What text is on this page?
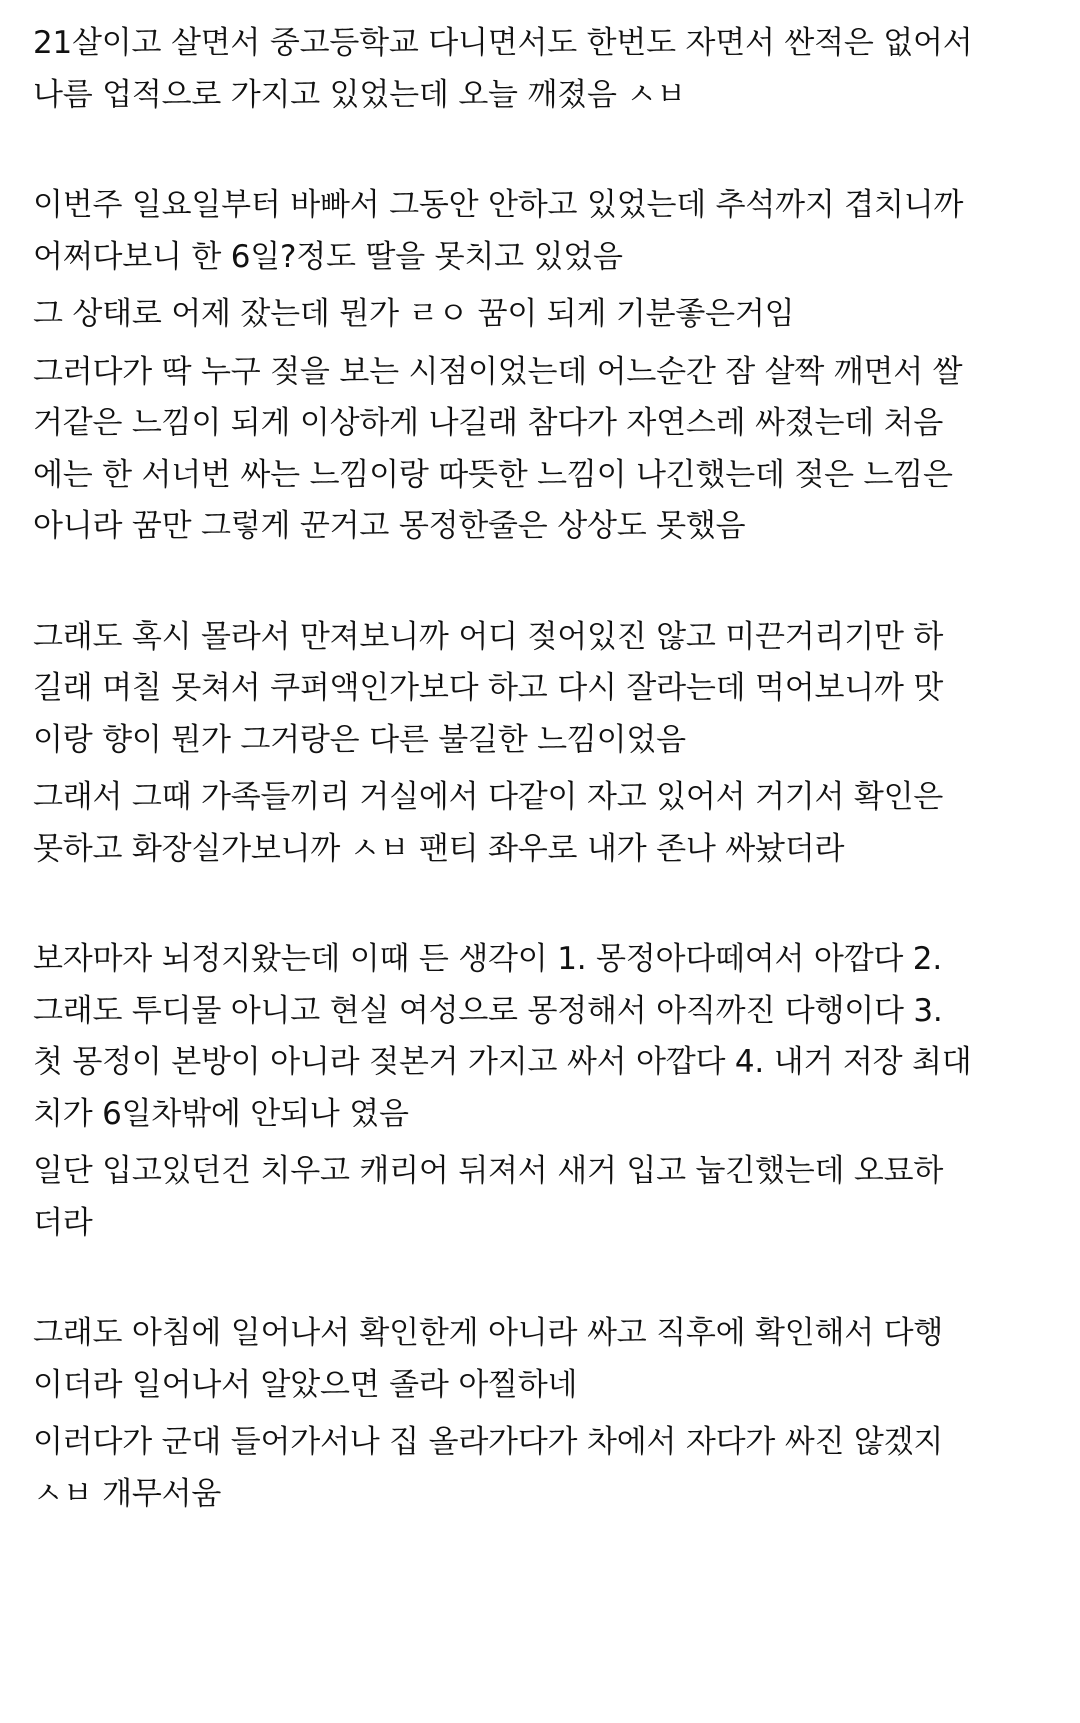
21살이고 살면서 중고등학교 다니면서도 한번도 자면서 싼적은 없어서
나름 업적으로 가지고 있었는데 오늘 깨졌음 ㅅㅂ
이번주 일요일부터 바빠서 그동안 안하고 있었는데 추석까지 겹치니까
어쩌다보니 한 6일?정도 딸을 못치고 있었음
그 상태로 어제 잤는데 뭔가 ㄹㅇ 꿈이 되게 기분좋은거임
그러다가 딱 누구 젖을 보는 시점이었는데 어느순간 잠 살짝 깨면서 쌀
거같은 느낌이 되게 이상하게 나길래 참다가 자연스레 싸졌는데 처음
에는 한 서너번 싸는 느낌이랑 따뜻한 느낌이 나긴했는데 젖은 느낌은
아니라 꿈만 그렇게 꾼거고 몽정한줄은 상상도 못했음
그래도 혹시 몰라서 만져보니까 어디 젖어있진 않고 미끈거리기만 하
길래 며칠 못쳐서 쿠퍼액인가보다 하고 다시 잘라는데 먹어보니까 맛
이랑 향이 뭔가 그거랑은 다른 불길한 느낌이었음
그래서 그때 가족들끼리 거실에서 다같이 자고 있어서 거기서 확인은
못하고 화장실가보니까 ㅅㅂ 팬티 좌우로 내가 존나 싸놨더라
보자마자 뇌정지왔는데 이때 든 생각이 1. 몽정아다떼여서 아깝다 2.
그래도 투디물 아니고 현실 여성으로 몽정해서 아직까진 다행이다 3.
첫 몽정이 본방이 아니라 젖본거 가지고 싸서 아깝다 4. 내거 저장 최대
치가 6일차밖에 안되나 였음
일단 입고있던건 치우고 캐리어 뒤져서 새거 입고 눕긴했는데 오묘하
더라
그래도 아침에 일어나서 확인한게 아니라 싸고 직후에 확인해서 다행
이더라 일어나서 알았으면 졸라 아찔하네
이러다가 군대 들어가서나 집 올라가다가 차에서 자다가 싸진 않겠지
ㅅㅂ 개무서움
